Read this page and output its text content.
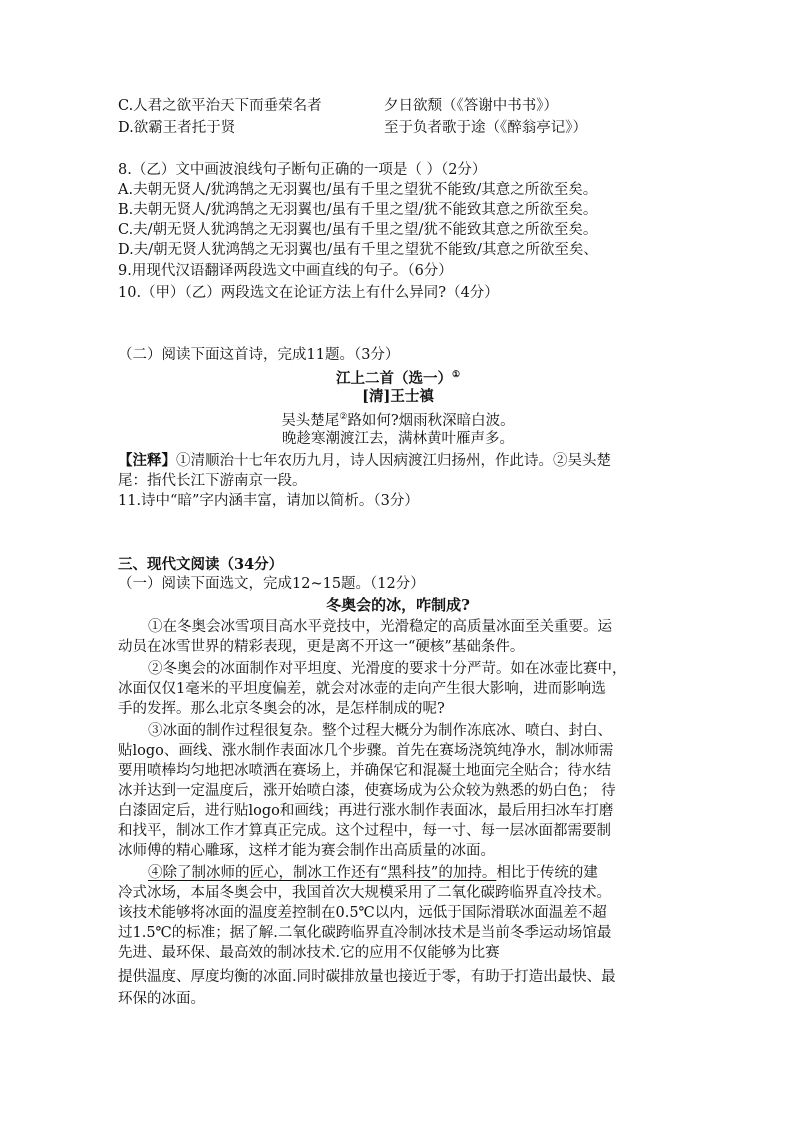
C.人君之欲平治天下而垂荣名者	夕日欲颓（《答谢中书书》）
D.欲霸王者托于贤	至于负者歌于途（《醉翁亭记》）
8.（乙）文中画波浪线句子断句正确的一项是（ ）（2分）
A.夫朝无贤人/犹鸿鹄之无羽翼也/虽有千里之望犹不能致/其意之所欲至矣。
B.夫朝无贤人/犹鸿鹄之无羽翼也/虽有千里之望/犹不能致其意之所欲至矣。
C.夫/朝无贤人犹鸿鹄之无羽翼也/虽有千里之望/犹不能致其意之所欲至矣。
D.夫/朝无贤人犹鸿鹄之无羽翼也/虽有千里之望犹不能致/其意之所欲至矣、
9.用现代汉语翻译两段选文中画直线的句子。（6分）
10.（甲）（乙）两段选文在论证方法上有什么异同?（4分）
（二）阅读下面这首诗，完成11题。（3分）
江上二首（选一）①
[清]王士禛
吴头楚尾②路如何?烟雨秋深暗白波。
晚趁寒潮渡江去，满林黄叶雁声多。
【注释】①清顺治十七年农历九月，诗人因病渡江归扬州，作此诗。②吴头楚
尾：指代长江下游南京一段。
11.诗中“暗”字内涵丰富，请加以简析。（3分）
三、现代文阅读（34分）
（一）阅读下面选文，完成12~15题。（12分）
冬奥会的冰，咋制成?
①在冬奥会冰雪项目高水平竞技中，光滑稳定的高质量冰面至关重要。运
动员在冰雪世界的精彩表现，更是离不开这一“硬核”基础条件。
②冬奥会的冰面制作对平坦度、光滑度的要求十分严苛。如在冰壶比赛中，
冰面仅仅1毫米的平坦度偏差，就会对冰壶的走向产生很大影响，进而影响选
手的发挥。那么北京冬奥会的冰，是怎样制成的呢?
③冰面的制作过程很复杂。整个过程大概分为制作冻底冰、喷白、封白、
贴logo、画线、涨水制作表面冰几个步骤。首先在赛场浇筑纯净水，制冰师需
要用喷棒均匀地把冰喷洒在赛场上，并确保它和混凝土地面完全贴合；待水结
冰并达到一定温度后，涨开始喷白漆，使赛场成为公众较为熟悉的奶白色； 待
白漆固定后，进行贴logo和画线；再进行涨水制作表面冰，最后用扫冰车打磨
和找平，制冰工作才算真正完成。这个过程中，每一寸、每一层冰面都需要制
冰师傅的精心雕琢，这样才能为赛会制作出高质量的冰面。
④除了制冰师的匠心，制冰工作还有“黑科技”的加持。相比于传统的建
冷式冰场，本届冬奥会中，我国首次大规模采用了二氧化碳跨临界直冷技术。
该技术能够将冰面的温度差控制在0.5℃以内，远低于国际滑联冰面温差不超
过1.5℃的标准；据了解.二氧化碳跨临界直冷制冰技术是当前冬季运动场馆最
先进、最环保、最高效的制冰技术.它的应用不仅能够为比赛
提供温度、厚度均衡的冰面.同时碳排放量也接近于零，有助于打造出最快、最
环保的冰面。
